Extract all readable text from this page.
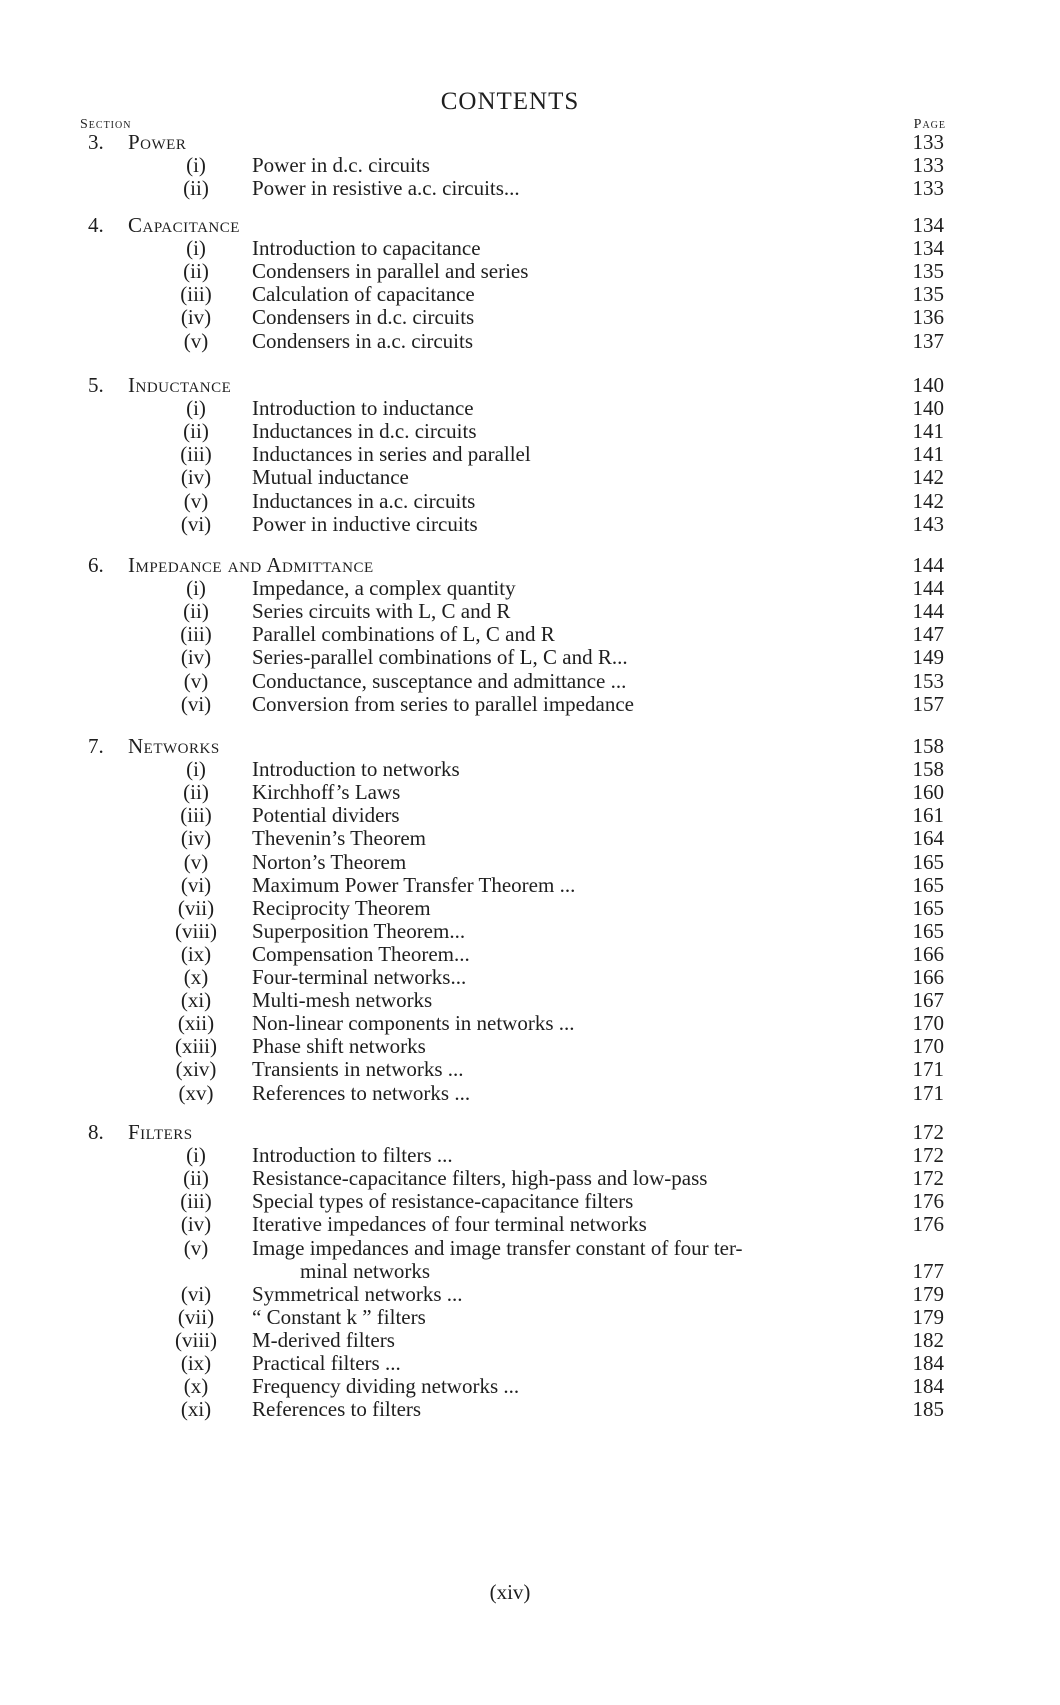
CONTENTS
Section	Page
3. Power	133
(i)	Power in d.c. circuits	133
(ii)	Power in resistive a.c. circuits...	133
4. Capacitance	134
(i)	Introduction to capacitance	134
(ii)	Condensers in parallel and series	135
(iii)	Calculation of capacitance	135
(iv)	Condensers in d.c. circuits	136
(v)	Condensers in a.c. circuits	137
5. Inductance	140
(i)	Introduction to inductance	140
(ii)	Inductances in d.c. circuits	141
(iii)	Inductances in series and parallel	141
(iv)	Mutual inductance	142
(v)	Inductances in a.c. circuits	142
(vi)	Power in inductive circuits	143
6. Impedance and Admittance	144
(i)	Impedance, a complex quantity	144
(ii)	Series circuits with L, C and R	144
(iii)	Parallel combinations of L, C and R	147
(iv)	Series-parallel combinations of L, C and R...	149
(v)	Conductance, susceptance and admittance ...	153
(vi)	Conversion from series to parallel impedance	157
7. Networks	158
(i)	Introduction to networks	158
(ii)	Kirchhoff’s Laws	160
(iii)	Potential dividers	161
(iv)	Thevenin’s Theorem	164
(v)	Norton’s Theorem	165
(vi)	Maximum Power Transfer Theorem ...	165
(vii)	Reciprocity Theorem	165
(viii) Superposition Theorem...	165
(ix)	Compensation Theorem...	166
(x)	Four-terminal networks...	166
(xi)	Multi-mesh networks	167
(xii)	Non-linear components in networks ...	170
(xiii) Phase shift networks	170
(xiv) Transients in networks ...	171
(xv)	References to networks ...	171
8. Filters	172
(i)	Introduction to filters ...	172
(ii)	Resistance-capacitance filters, high-pass and low-pass	172
(iii)	Special types of resistance-capacitance filters	176
(iv)	Iterative impedances of four terminal networks	176
(v)	Image impedances and image transfer constant of four ter-
minal networks	177
(vi)	Symmetrical networks ...	179
(vii)	“ Constant k ” filters	179
(viii) M-derived filters	182
(ix)	Practical filters ...	184
(x)	Frequency dividing networks ...	184
(xi)	References to filters	185
(xiv)
